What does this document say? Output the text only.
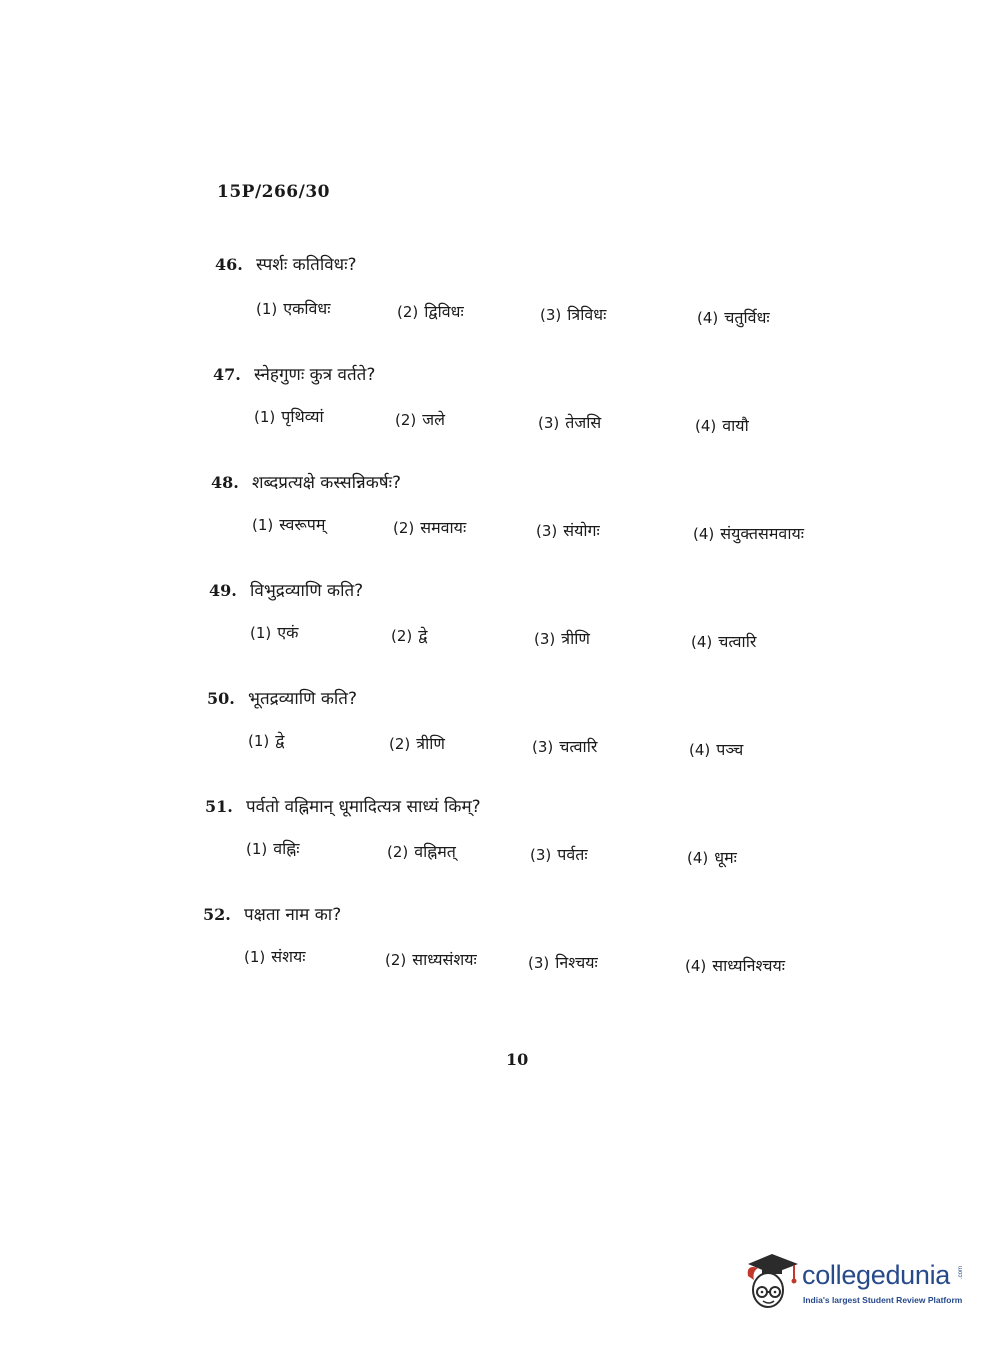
15P/266/30
46. स्पर्शः कतिविधः?
(1) एकविधः	(2) द्विविधः	(3) त्रिविधः	(4) चतुर्विधः
47. स्नेहगुणः कुत्र वर्तते?
(1) पृथिव्यां	(2) जले	(3) तेजसि	(4) वायौ
48. शब्दप्रत्यक्षे कस्सन्निकर्षः?
(1) स्वरूपम्	(2) समवायः	(3) संयोगः	(4) संयुक्तसमवायः
49. विभुद्रव्याणि कति?
(1) एकं	(2) द्वे	(3) त्रीणि	(4) चत्वारि
50. भूतद्रव्याणि कति?
(1) द्वे	(2) त्रीणि	(3) चत्वारि	(4) पञ्च
51. पर्वतो वह्निमान् धूमादित्यत्र साध्यं किम्?
(1) वह्निः	(2) वह्निमत्	(3) पर्वतः	(4) धूमः
52. पक्षता नाम का?
(1) संशयः	(2) साध्यसंशयः	(3) निश्चयः	(4) साध्यनिश्चयः
10
collegedunia .com
India's largest Student Review Platform
